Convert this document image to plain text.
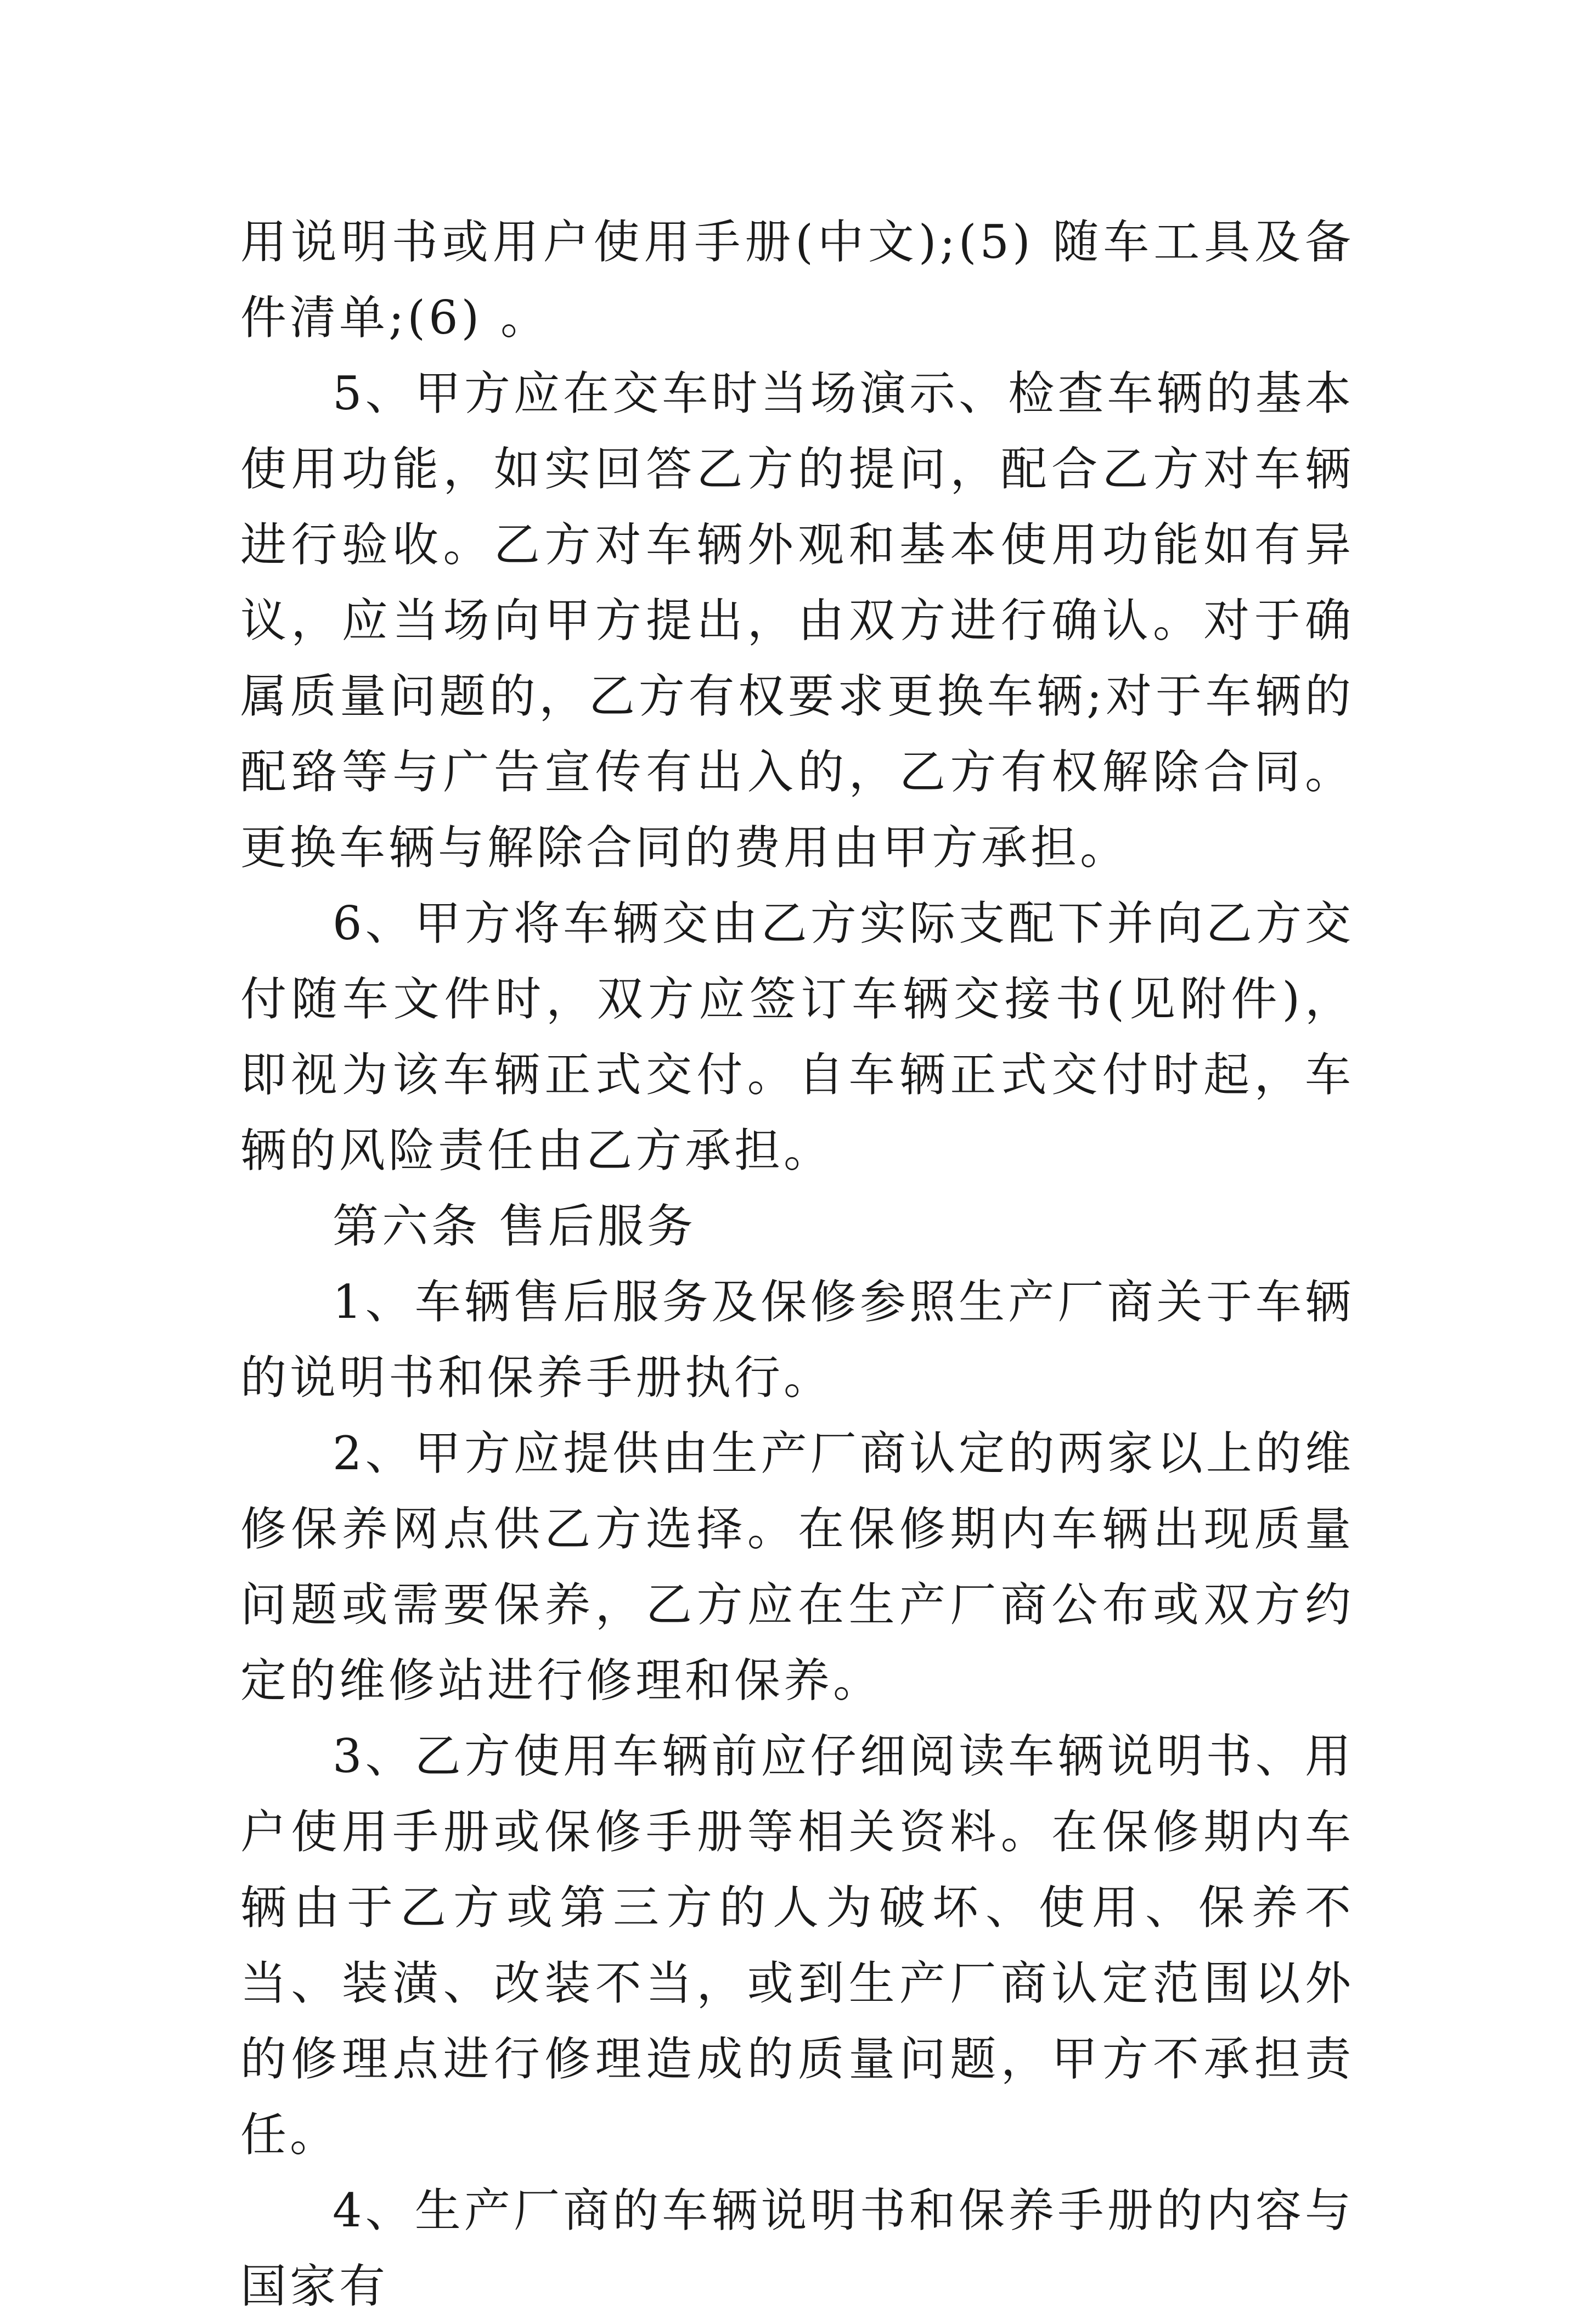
用说明书或用户使用手册(中文);(5) 随车工具及备件清单;(6) 。

5、甲方应在交车时当场演示、检查车辆的基本使用功能，如实回答乙方的提问，配合乙方对车辆进行验收。乙方对车辆外观和基本使用功能如有异议，应当场向甲方提出，由双方进行确认。对于确属质量问题的，乙方有权要求更换车辆;对于车辆的配臵等与广告宣传有出入的，乙方有权解除合同。更换车辆与解除合同的费用由甲方承担。

6、甲方将车辆交由乙方实际支配下并向乙方交付随车文件时，双方应签订车辆交接书(见附件)，即视为该车辆正式交付。自车辆正式交付时起，车辆的风险责任由乙方承担。

第六条 售后服务

1、车辆售后服务及保修参照生产厂商关于车辆的说明书和保养手册执行。

2、甲方应提供由生产厂商认定的两家以上的维修保养网点供乙方选择。在保修期内车辆出现质量问题或需要保养，乙方应在生产厂商公布或双方约定的维修站进行修理和保养。

3、乙方使用车辆前应仔细阅读车辆说明书、用户使用手册或保修手册等相关资料。在保修期内车辆由于乙方或第三方的人为破坏、使用、保养不当、装潢、改装不当，或到生产厂商认定范围以外的修理点进行修理造成的质量问题，甲方不承担责任。

4、生产厂商的车辆说明书和保养手册的内容与国家有
